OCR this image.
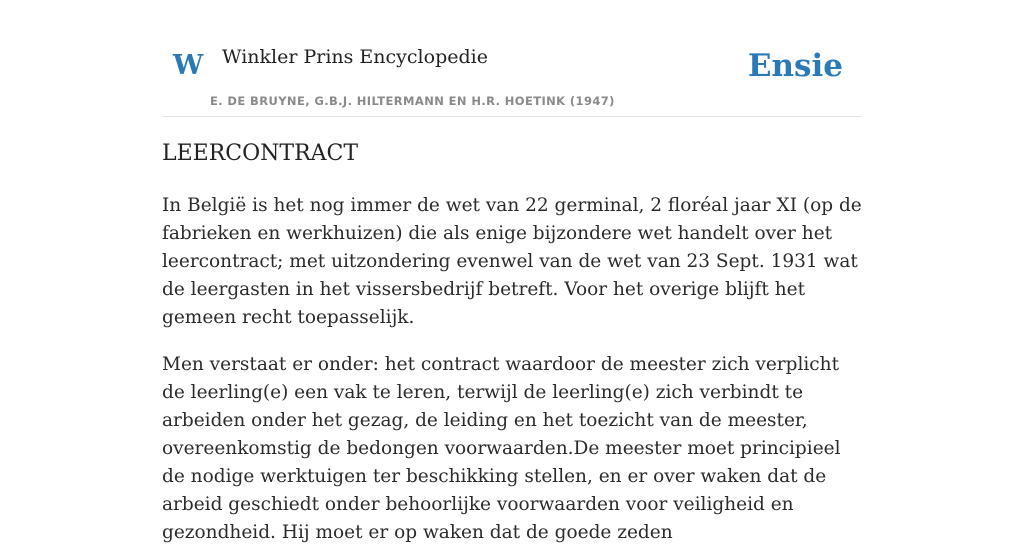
W Winkler Prins Encyclopedie
E. DE BRUYNE, G.B.J. HILTERMANN EN H.R. HOETINK (1947)
Ensie
LEERCONTRACT

In België is het nog immer de wet van 22 germinal, 2 floréal jaar XI (op de fabrieken en werkhuizen) die als enige bijzondere wet handelt over het leercontract; met uitzondering evenwel van de wet van 23 Sept. 1931 wat de leergasten in het vissersbedrijf betreft. Voor het overige blijft het gemeen recht toepasselijk.

Men verstaat er onder: het contract waardoor de meester zich verplicht de leerling(e) een vak te leren, terwijl de leerling(e) zich verbindt te arbeiden onder het gezag, de leiding en het toezicht van de meester, overeenkomstig de bedongen voorwaarden.De meester moet principieel de nodige werktuigen ter beschikking stellen, en er over waken dat de arbeid geschiedt onder behoorlijke voorwaarden voor veiligheid en gezondheid. Hij moet er op waken dat de goede zeden
